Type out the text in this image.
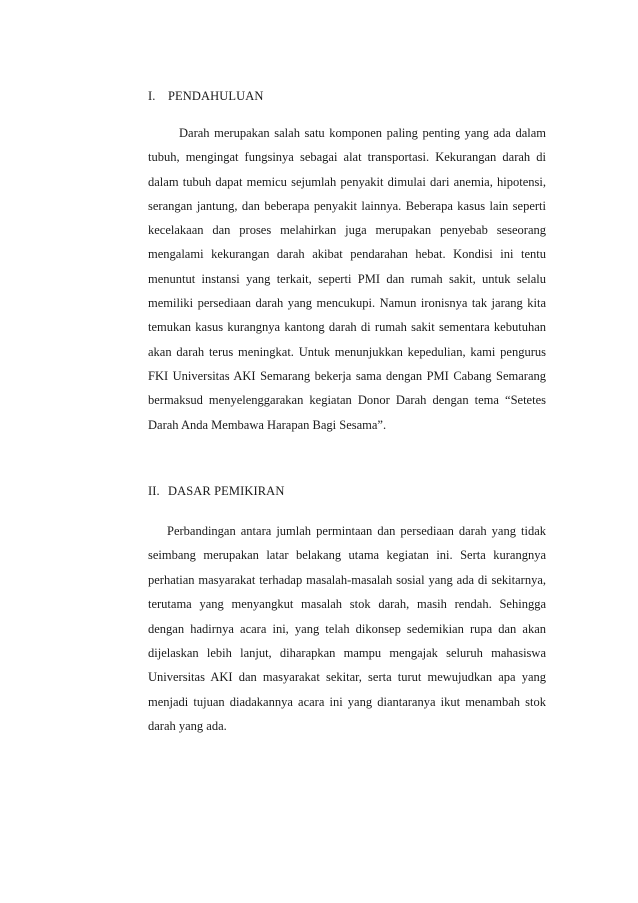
I. PENDAHULUAN

Darah merupakan salah satu komponen paling penting yang ada dalam tubuh, mengingat fungsinya sebagai alat transportasi. Kekurangan darah di dalam tubuh dapat memicu sejumlah penyakit dimulai dari anemia, hipotensi, serangan jantung, dan beberapa penyakit lainnya. Beberapa kasus lain seperti kecelakaan dan proses melahirkan juga merupakan penyebab seseorang mengalami kekurangan darah akibat pendarahan hebat. Kondisi ini tentu menuntut instansi yang terkait, seperti PMI dan rumah sakit, untuk selalu memiliki persediaan darah yang mencukupi. Namun ironisnya tak jarang kita temukan kasus kurangnya kantong darah di rumah sakit sementara kebutuhan akan darah terus meningkat. Untuk menunjukkan kepedulian, kami pengurus FKI Universitas AKI Semarang bekerja sama dengan PMI Cabang Semarang bermaksud menyelenggarakan kegiatan Donor Darah dengan tema “Setetes Darah Anda Membawa Harapan Bagi Sesama”.

II. DASAR PEMIKIRAN

Perbandingan antara jumlah permintaan dan persediaan darah yang tidak seimbang merupakan latar belakang utama kegiatan ini. Serta kurangnya perhatian masyarakat terhadap masalah-masalah sosial yang ada di sekitarnya, terutama yang menyangkut masalah stok darah, masih rendah. Sehingga dengan hadirnya acara ini, yang telah dikonsep sedemikian rupa dan akan dijelaskan lebih lanjut, diharapkan mampu mengajak seluruh mahasiswa Universitas AKI dan masyarakat sekitar, serta turut mewujudkan apa yang menjadi tujuan diadakannya acara ini yang diantaranya ikut menambah stok darah yang ada.
